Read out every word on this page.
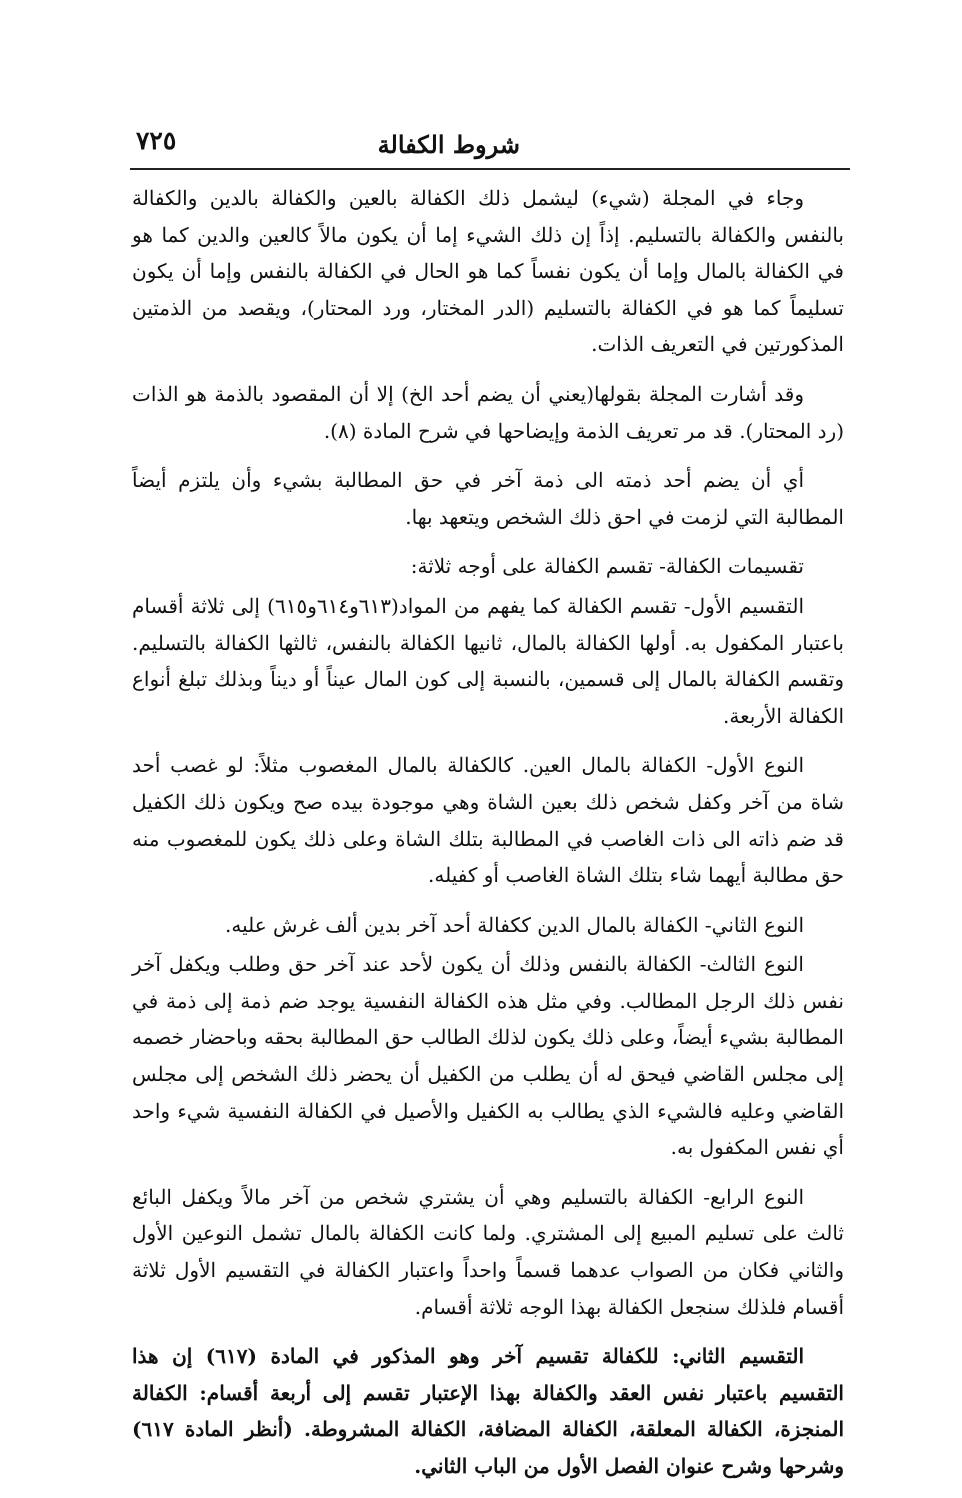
شروط الكفالة
٧٢٥

وجاء في المجلة (شيء) ليشمل ذلك الكفالة بالعين والكفالة بالدين والكفالة بالنفس والكفالة بالتسليم. إذاً إن ذلك الشيء إما أن يكون مالاً كالعين والدين كما هو في الكفالة بالمال وإما أن يكون نفساً كما هو الحال في الكفالة بالنفس وإما أن يكون تسليماً كما هو في الكفالة بالتسليم (الدر المختار، ورد المحتار)، ويقصد من الذمتين المذكورتين في التعريف الذات.

وقد أشارت المجلة بقولها(يعني أن يضم أحد الخ) إلا أن المقصود بالذمة هو الذات (رد المحتار). قد مر تعريف الذمة وإيضاحها في شرح المادة (٨).

أي أن يضم أحد ذمته الى ذمة آخر في حق المطالبة بشيء وأن يلتزم أيضاً المطالبة التي لزمت في احق ذلك الشخص ويتعهد بها.

تقسيمات الكفالة- تقسم الكفالة على أوجه ثلاثة:

التقسيم الأول- تقسم الكفالة كما يفهم من المواد(٦١٣و٦١٤و٦١٥) إلى ثلاثة أقسام باعتبار المكفول به. أولها الكفالة بالمال، ثانيها الكفالة بالنفس، ثالثها الكفالة بالتسليم. وتقسم الكفالة بالمال إلى قسمين، بالنسبة إلى كون المال عيناً أو ديناً وبذلك تبلغ أنواع الكفالة الأربعة.

النوع الأول- الكفالة بالمال العين. كالكفالة بالمال المغصوب مثلاً: لو غصب أحد شاة من آخر وكفل شخص ذلك بعين الشاة وهي موجودة بيده صح ويكون ذلك الكفيل قد ضم ذاته الى ذات الغاصب في المطالبة بتلك الشاة وعلى ذلك يكون للمغصوب منه حق مطالبة أيهما شاء بتلك الشاة الغاصب أو كفيله.

النوع الثاني- الكفالة بالمال الدين ككفالة أحد آخر بدين ألف غرش عليه.

النوع الثالث- الكفالة بالنفس وذلك أن يكون لأحد عند آخر حق وطلب ويكفل آخر نفس ذلك الرجل المطالب. وفي مثل هذه الكفالة النفسية يوجد ضم ذمة إلى ذمة في المطالبة بشيء أيضاً، وعلى ذلك يكون لذلك الطالب حق المطالبة بحقه وباحضار خصمه إلى مجلس القاضي فيحق له أن يطلب من الكفيل أن يحضر ذلك الشخص إلى مجلس القاضي وعليه فالشيء الذي يطالب به الكفيل والأصيل في الكفالة النفسية شيء واحد أي نفس المكفول به.

النوع الرابع- الكفالة بالتسليم وهي أن يشتري شخص من آخر مالاً ويكفل البائع ثالث على تسليم المبيع إلى المشتري. ولما كانت الكفالة بالمال تشمل النوعين الأول والثاني فكان من الصواب عدهما قسماً واحداً واعتبار الكفالة في التقسيم الأول ثلاثة أقسام فلذلك سنجعل الكفالة بهذا الوجه ثلاثة أقسام.

التقسيم الثاني: للكفالة تقسيم آخر وهو المذكور في المادة (٦١٧) إن هذا التقسيم باعتبار نفس العقد والكفالة بهذا الإعتبار تقسم إلى أربعة أقسام: الكفالة المنجزة، الكفالة المعلقة، الكفالة المضافة، الكفالة المشروطة. (أنظر المادة ٦١٧) وشرحها وشرح عنوان الفصل الأول من الباب الثاني.
